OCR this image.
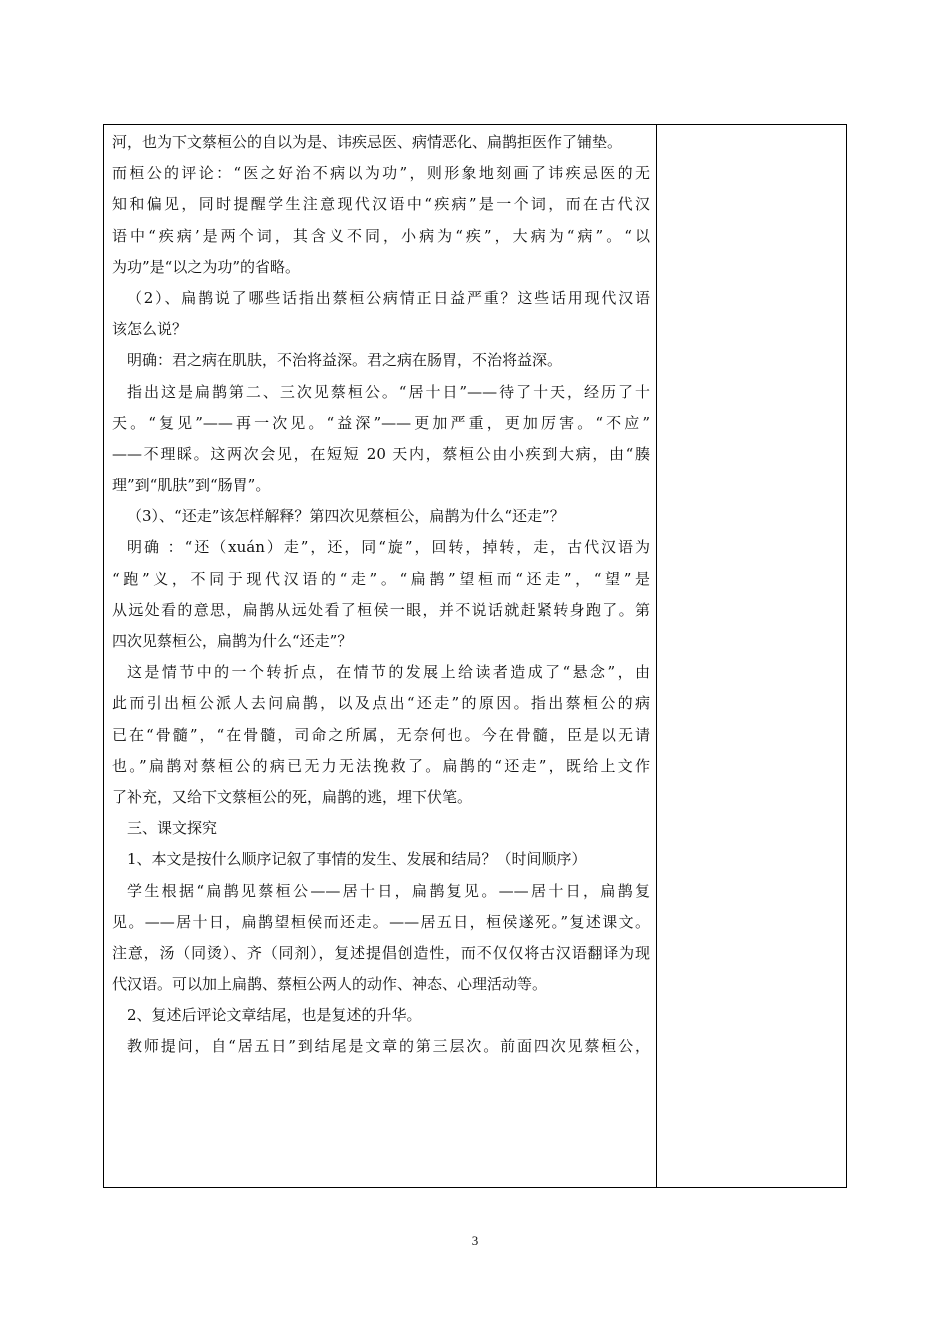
河，也为下文蔡桓公的自以为是、讳疾忌医、病情恶化、扁鹊拒医作了铺垫。
而桓公的评论：“医之好治不病以为功”，则形象地刻画了讳疾忌医的无
知和偏见，同时提醒学生注意现代汉语中“疾病”是一个词，而在古代汉
语中“疾病’是两个词，其含义不同，小病为“疾”，大病为“病”。“以
为功”是“以之为功”的省略。
（2）、扁鹊说了哪些话指出蔡桓公病情正日益严重？这些话用现代汉语
该怎么说？
明确：君之病在肌肤，不治将益深。君之病在肠胃，不治将益深。
指出这是扁鹊第二、三次见蔡桓公。“居十日”——待了十天，经历了十
天。“复见”——再一次见。“益深”——更加严重，更加厉害。“不应”
——不理睬。这两次会见，在短短 20 天内，蔡桓公由小疾到大病，由“腠
理”到“肌肤”到“肠胃”。
（3）、“还走”该怎样解释？第四次见蔡桓公，扁鹊为什么“还走”？
明确 ：“还（xuán）走”，还，同“旋”，回转，掉转，走，古代汉语为
“跑”义，不同于现代汉语的“走”。“扁鹊”望桓而“还走”，“望”是
从远处看的意思，扁鹊从远处看了桓侯一眼，并不说话就赶紧转身跑了。第
四次见蔡桓公，扁鹊为什么“还走”？
这是情节中的一个转折点，在情节的发展上给读者造成了“悬念”，由
此而引出桓公派人去问扁鹊，以及点出“还走”的原因。指出蔡桓公的病
已在“骨髓”，“在骨髓，司命之所属，无奈何也。今在骨髓，臣是以无请
也。”扁鹊对蔡桓公的病已无力无法挽救了。扁鹊的“还走”，既给上文作
了补充，又给下文蔡桓公的死，扁鹊的逃，埋下伏笔。
三、课文探究
1、本文是按什么顺序记叙了事情的发生、发展和结局？（时间顺序）
学生根据“扁鹊见蔡桓公——居十日，扁鹊复见。——居十日，扁鹊复
见。——居十日，扁鹊望桓侯而还走。——居五日，桓侯遂死。”复述课文。
注意，汤（同烫）、齐（同剂），复述提倡创造性，而不仅仅将古汉语翻译为现
代汉语。可以加上扁鹊、蔡桓公两人的动作、神态、心理活动等。
2、复述后评论文章结尾，也是复述的升华。
教师提问，自“居五日”到结尾是文章的第三层次。前面四次见蔡桓公，
3
